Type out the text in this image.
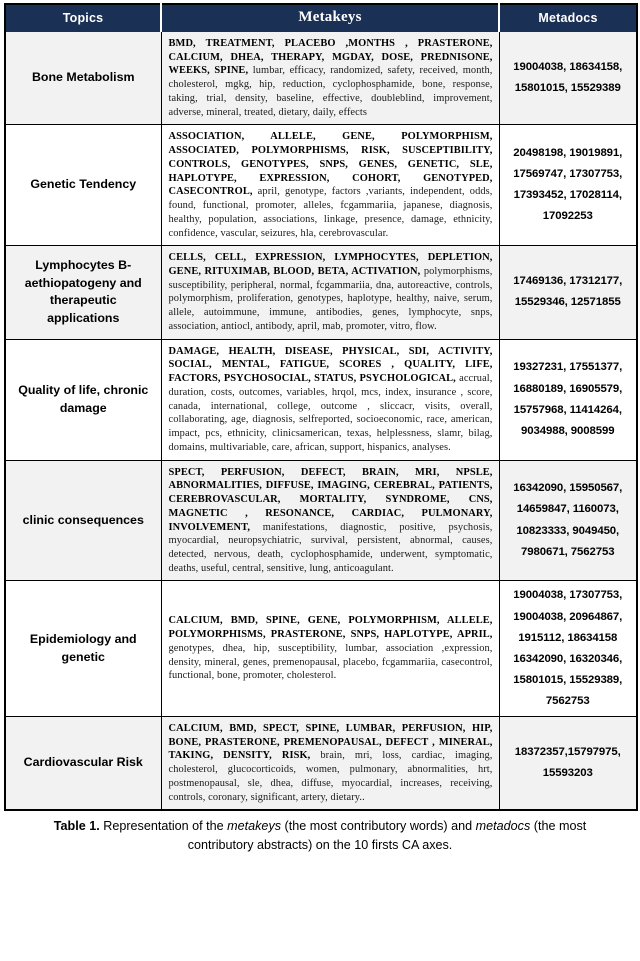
Topics	Metakeys	Metadocs
Bone Metabolism	BMD, TREATMENT, PLACEBO ,MONTHS , PRASTERONE, CALCIUM, DHEA, THERAPY, MGDAY, DOSE, PREDNISONE, WEEKS, SPINE, lumbar, efficacy, randomized, safety, received, month, cholesterol, mgkg, hip, reduction, cyclophosphamide, bone, response, taking, trial, density, baseline, effective, doubleblind, improvement, adverse, mineral, treated, dietary, daily, effects	19004038, 18634158, 15801015, 15529389
Genetic Tendency	ASSOCIATION, ALLELE, GENE, POLYMORPHISM, ASSOCIATED, POLYMORPHISMS, RISK, SUSCEPTIBILITY, CONTROLS, GENOTYPES, SNPS, GENES, GENETIC, SLE, HAPLOTYPE, EXPRESSION, COHORT, GENOTYPED, CASECONTROL, april, genotype, factors ,variants, independent, odds, found, functional, promoter, alleles, fcgammariia, japanese, diagnosis, healthy, population, associations, linkage, presence, damage, ethnicity, confidence, vascular, seizures, hla, cerebrovascular.	20498198, 19019891, 17569747, 17307753, 17393452, 17028114, 17092253
Lymphocytes B-aethiopatogeny and therapeutic applications	CELLS, CELL, EXPRESSION, LYMPHOCYTES, DEPLETION, GENE, RITUXIMAB, BLOOD, BETA, ACTIVATION, polymorphisms, susceptibility, peripheral, normal, fcgammariia, dna, autoreactive, controls, polymorphism, proliferation, genotypes, haplotype, healthy, naive, serum, allele, autoimmune, immune, antibodies, genes, lymphocyte, snps, association, antiocl, antibody, april, mab, promoter, vitro, flow.	17469136, 17312177, 15529346, 12571855
Quality of life, chronic damage	DAMAGE, HEALTH, DISEASE, PHYSICAL, SDI, ACTIVITY, SOCIAL, MENTAL, FATIGUE, SCORES , QUALITY, LIFE, FACTORS, PSYCHOSOCIAL, STATUS, PSYCHOLOGICAL, accrual, duration, costs, outcomes, variables, hrqol, mcs, index, insurance , score, canada, international, college, outcome , sliccacr, visits, overall, collaborating, age, diagnosis, selfreported, socioeconomic, race, american, impact, pcs, ethnicity, clinicsamerican, texas, helplessness, slamr, bilag, domains, multivariable, care, african, support, hispanics, analyses.	19327231, 17551377, 16880189, 16905579, 15757968, 11414264, 9034988, 9008599
clinic consequences	SPECT, PERFUSION, DEFECT, BRAIN, MRI, NPSLE, ABNORMALITIES, DIFFUSE, IMAGING, CEREBRAL, PATIENTS, CEREBROVASCULAR, MORTALITY, SYNDROME, CNS, MAGNETIC , RESONANCE, CARDIAC, PULMONARY, INVOLVEMENT, manifestations, diagnostic, positive, psychosis, myocardial, neuropsychiatric, survival, persistent, abnormal, causes, detected, nervous, death, cyclophosphamide, underwent, symptomatic, deaths, useful, central, sensitive, lung, anticoagulant.	16342090, 15950567, 14659847, 1160073, 10823333, 9049450, 7980671, 7562753
Epidemiology and genetic	CALCIUM, BMD, SPINE, GENE, POLYMORPHISM, ALLELE, POLYMORPHISMS, PRASTERONE, SNPS, HAPLOTYPE, APRIL, genotypes, dhea, hip, susceptibility, lumbar, association ,expression, density, mineral, genes, premenopausal, placebo, fcgammariia, casecontrol, functional, bone, promoter, cholesterol.	19004038, 17307753, 19004038, 20964867, 1915112, 18634158 16342090, 16320346, 15801015, 15529389, 7562753
Cardiovascular Risk	CALCIUM, BMD, SPECT, SPINE, LUMBAR, PERFUSION, HIP, BONE, PRASTERONE, PREMENOPAUSAL, DEFECT , MINERAL, TAKING, DENSITY, RISK, brain, mri, loss, cardiac, imaging, cholesterol, glucocorticoids, women, pulmonary, abnormalities, hrt, postmenopausal, sle, dhea, diffuse, myocardial, increases, receiving, controls, coronary, significant, artery, dietary..	18372357,15797975, 15593203
Table 1. Representation of the metakeys (the most contributory words) and metadocs (the most contributory abstracts) on the 10 firsts CA axes.
